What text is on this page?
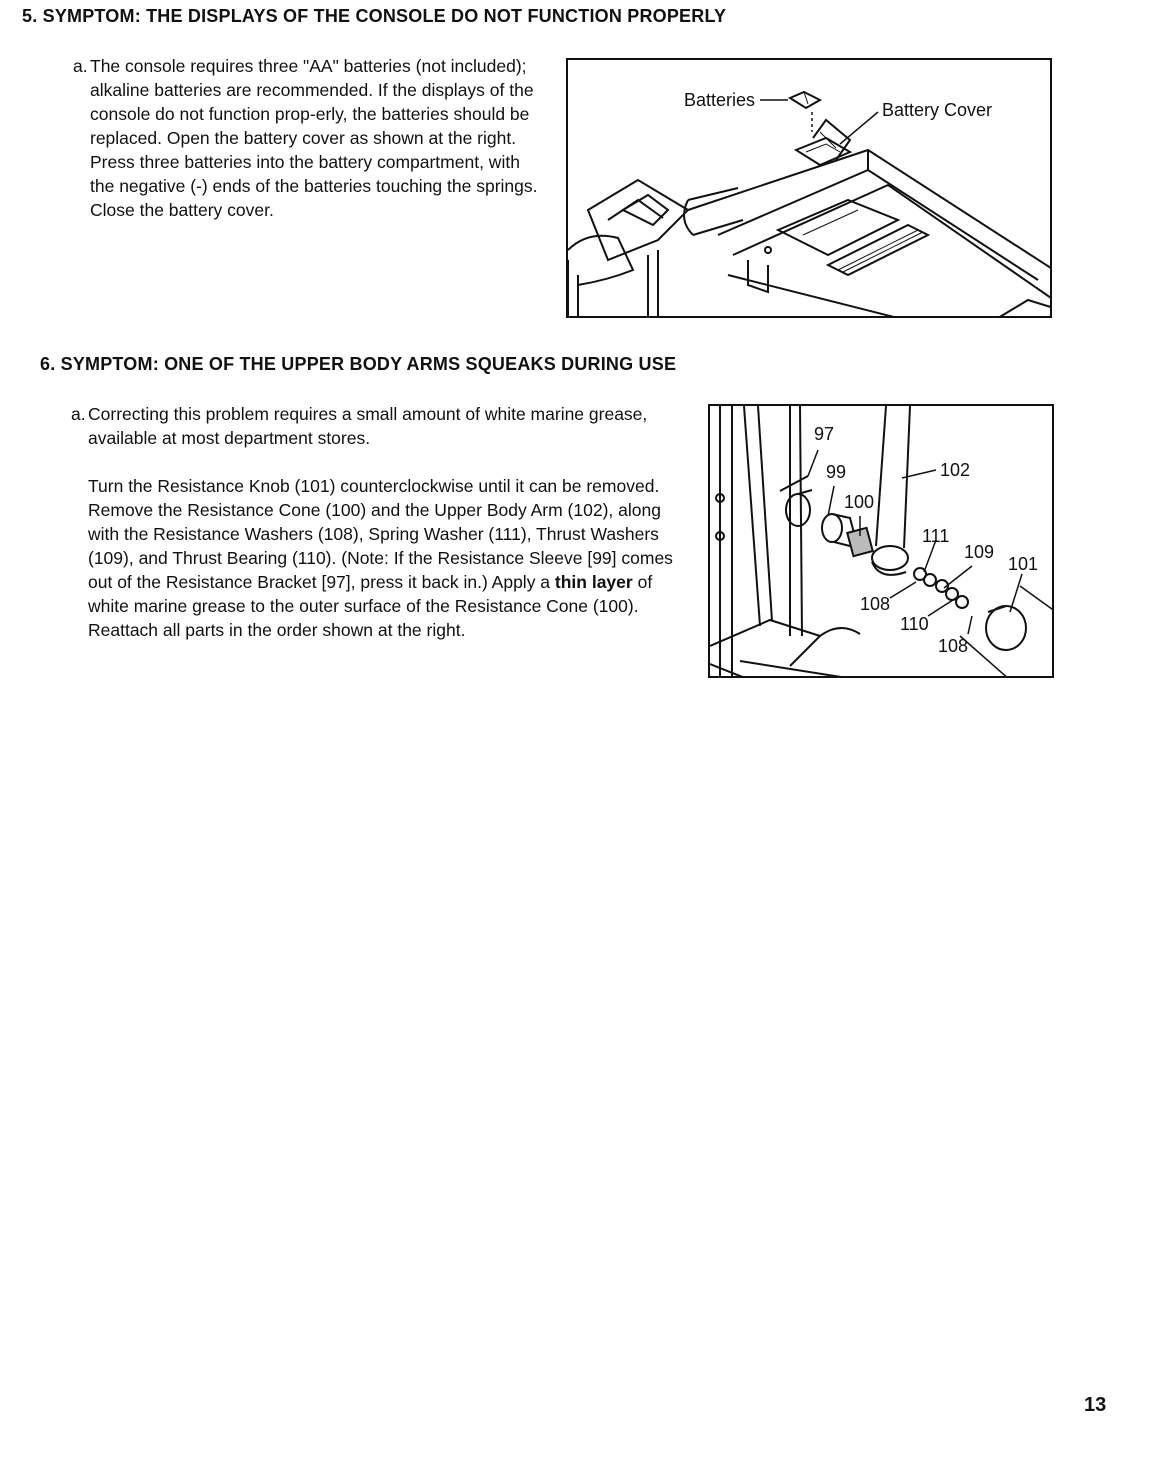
5. SYMPTOM: THE DISPLAYS OF THE CONSOLE DO NOT FUNCTION PROPERLY
a. The console requires three "AA" batteries (not included); alkaline batteries are recommended. If the displays of the console do not function prop-erly, the batteries should be replaced. Open the battery cover as shown at the right. Press three batteries into the battery compartment, with the negative (-) ends of the batteries touching the springs. Close the battery cover.

Batteries	Battery Cover
6. SYMPTOM: ONE OF THE UPPER BODY ARMS SQUEAKS DURING USE
a. Correcting this problem requires a small amount of white marine grease, available at most department stores.

Turn the Resistance Knob (101) counterclockwise until it can be removed. Remove the Resistance Cone (100) and the Upper Body Arm (102), along with the Resistance Washers (108), Spring Washer (111), Thrust Washers (109), and Thrust Bearing (110). (Note: If the Resistance Sleeve [99] comes out of the Resistance Bracket [97], press it back in.) Apply a thin layer of white marine grease to the outer surface of the Resistance Cone (100). Reattach all parts in the order shown at the right.

97
99
100
102
111
109
101
108
110
108
13
